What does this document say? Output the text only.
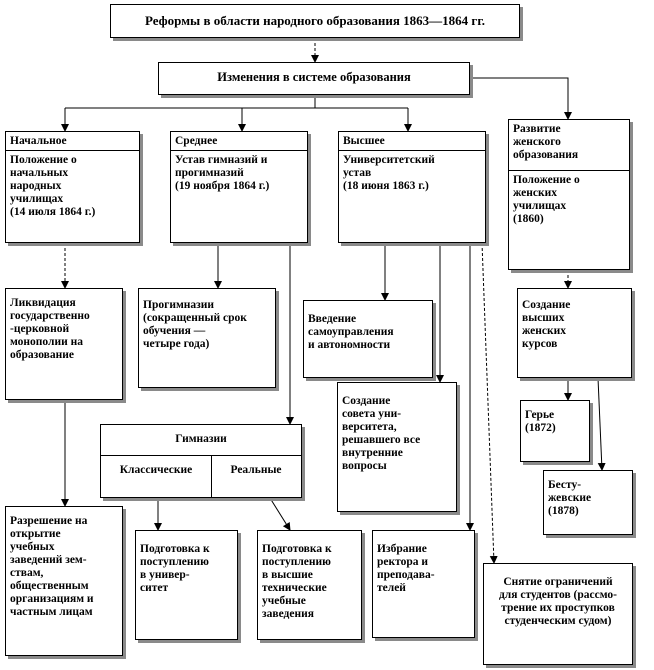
Реформы в области народного образования 1863—1864 гг.
Изменения в системе образования
Начальное
Положение о
начальных
народных
училищах
(14 июля 1864 г.)
Среднее
Устав гимназий и
прогимназий
(19 ноября 1864 г.)
Высшее
Университетский
устав
(18 июня 1863 г.)
Развитие
женского
образования
Положение о
женских
училищах
(1860)
Ликвидация
государственно
-церковной
монополии на
образование
Разрешение на
открытие
учебных
заведений зем-
ствам,
общественным
организациям и
частным лицам
Прогимназии
(сокращенный срок
обучения —
четыре года)
Гимназии
Классические	Реальные
Подготовка к
поступлению
в универ-
ситет
Подготовка к
поступлению
в высшие
технические
учебные
заведения
Введение
самоуправления
и автономности
Создание
совета уни-
верситета,
решавшего все
внутренние
вопросы
Избрание
ректора и
преподава-
телей	Снятие ограничений
для студентов (рассмо-
трение их проступков
студенческим судом)
Создание
высших
женских
курсов
Герье
(1872)
Бесту-
жевские
(1878)
